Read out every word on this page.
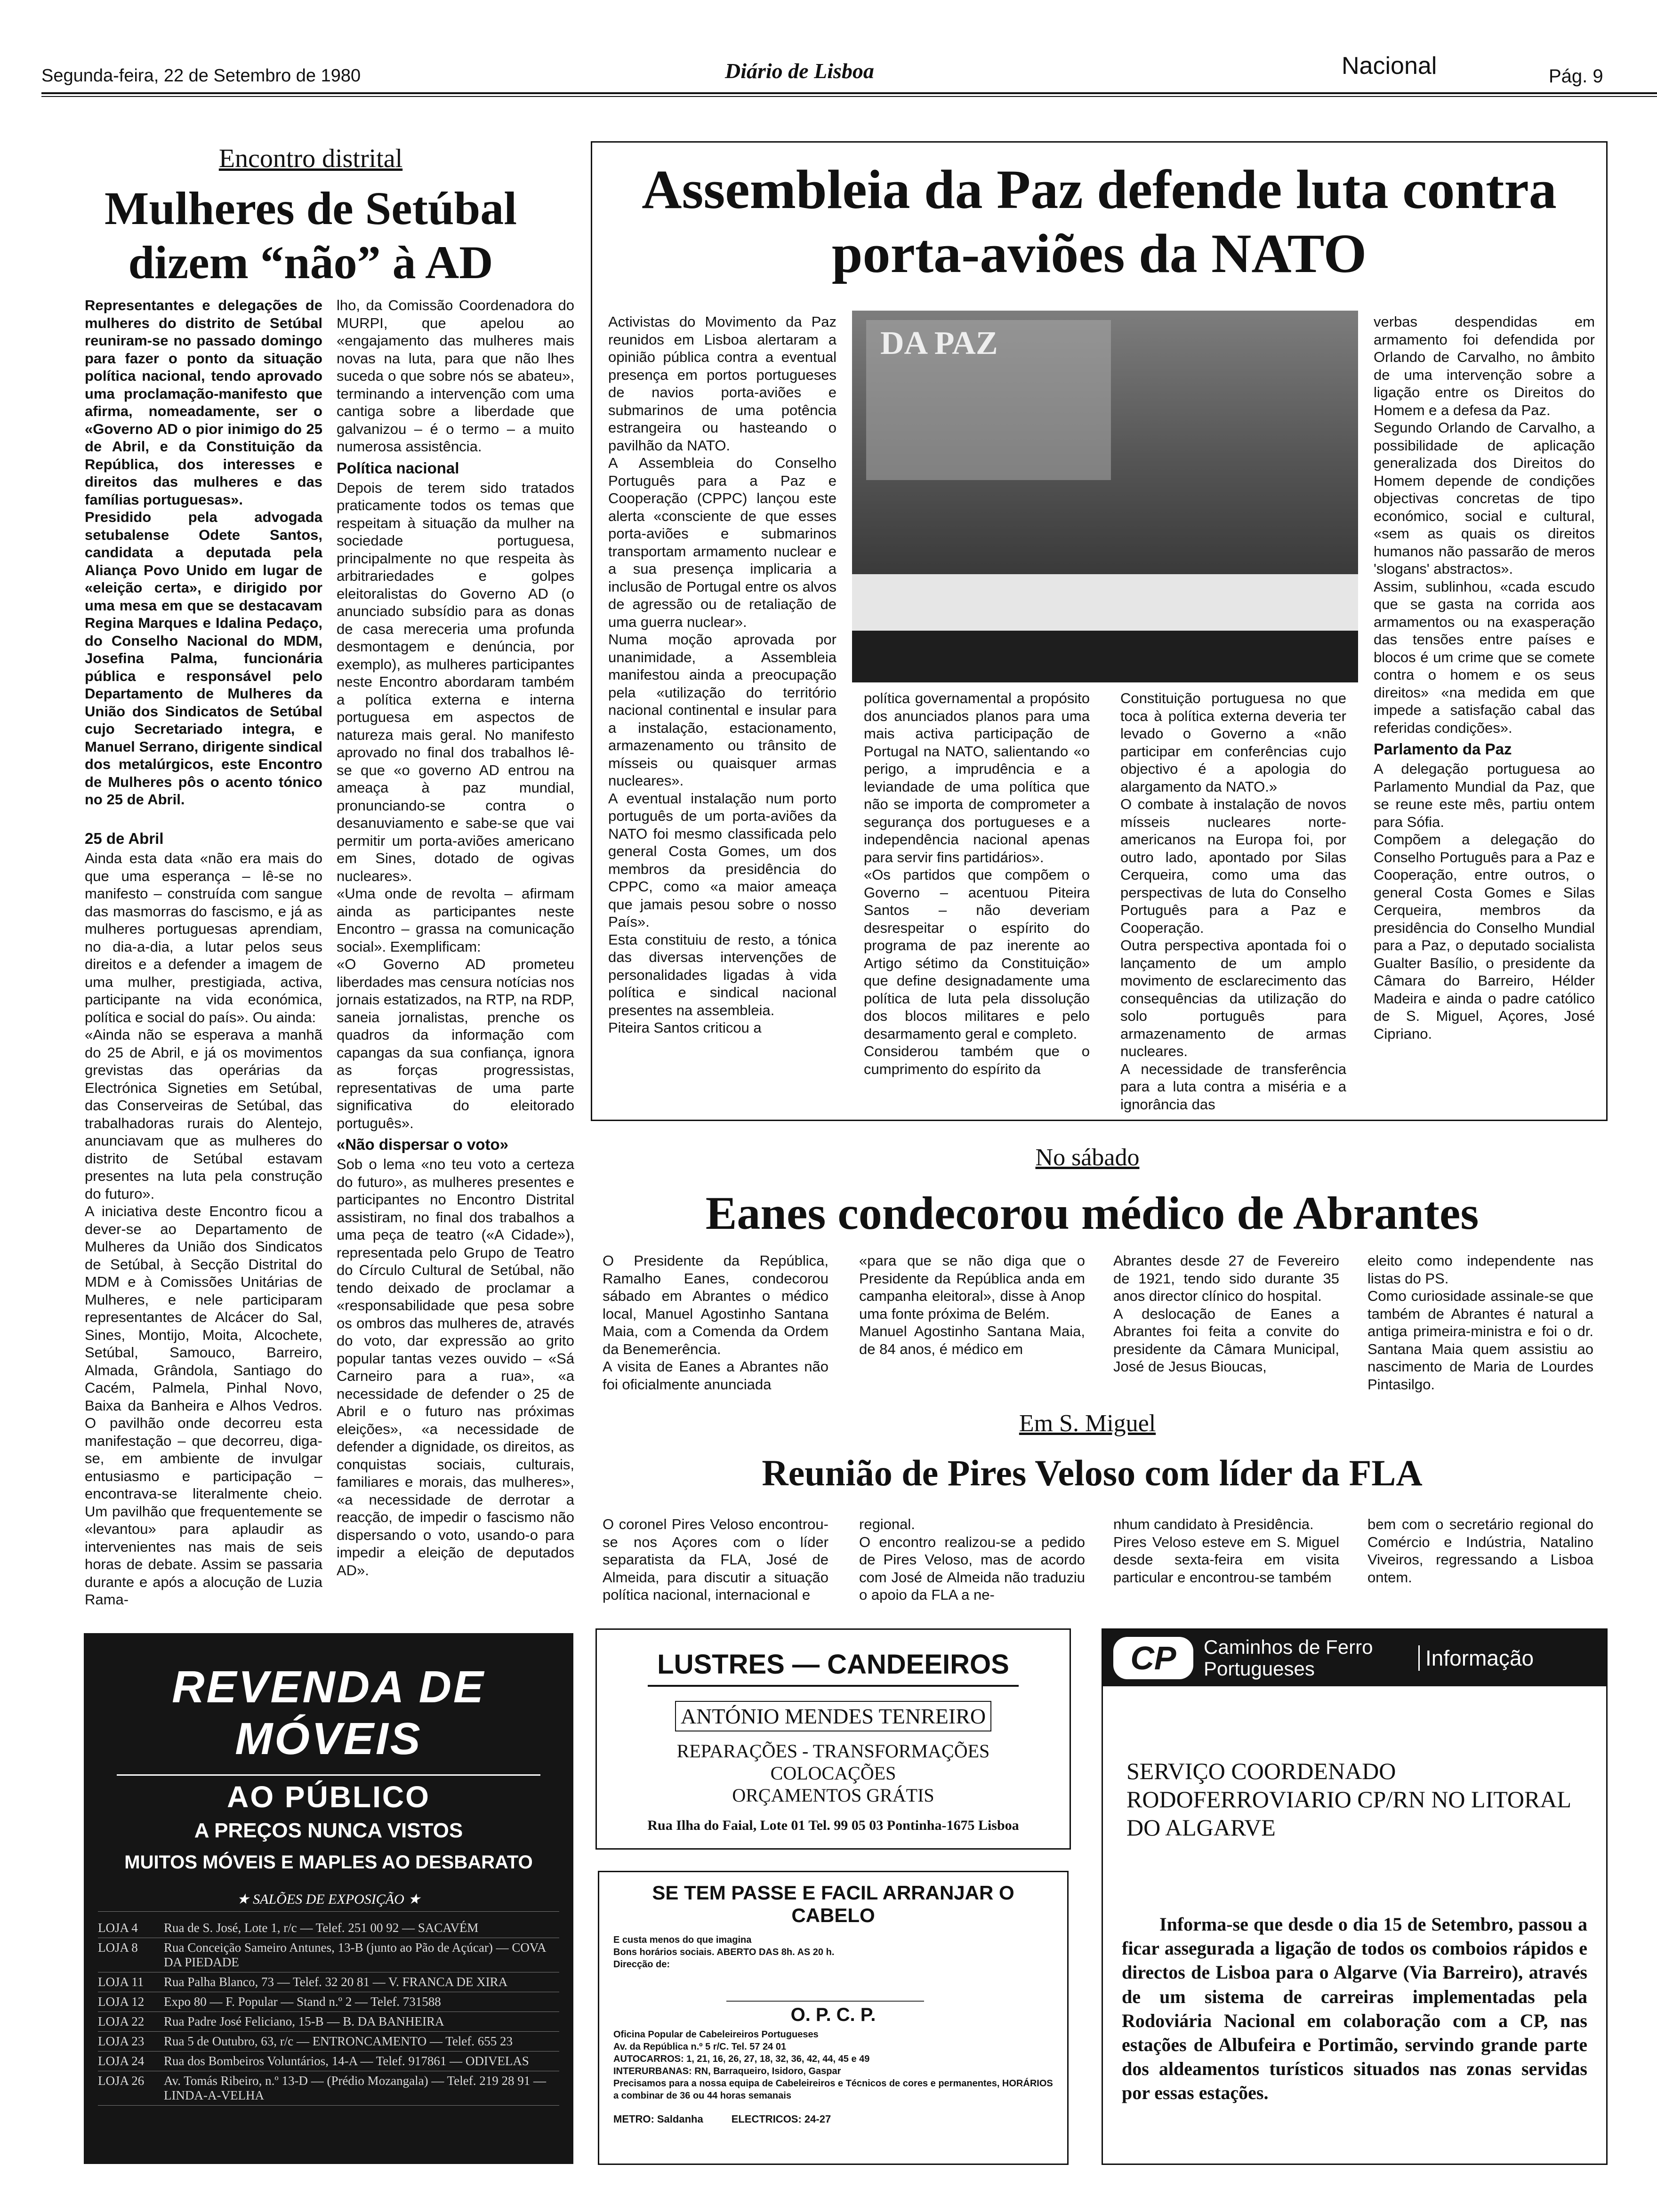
Segunda-feira, 22 de Setembro de 1980	Diário de Lisboa	Nacional	Pág. 9
Encontro distrital
Mulheres de Setúbal dizem “não” à AD
Representantes e delegações de mulheres do distrito de Setúbal reuniram-se no passado domingo para fazer o ponto da situação política nacional, tendo aprovado uma proclamação-manifesto que afirma, nomeadamente, ser o «Governo AD o pior inimigo do 25 de Abril, e da Constituição da República, dos interesses e direitos das mulheres e das famílias portuguesas».
Presidido pela advogada setubalense Odete Santos, candidata a deputada pela Aliança Povo Unido em lugar de «eleição certa», e dirigido por uma mesa em que se destacavam Regina Marques e Idalina Pedaço, do Conselho Nacional do MDM, Josefina Palma, funcionária pública e responsável pelo Departamento de Mulheres da União dos Sindicatos de Setúbal cujo Secretariado integra, e Manuel Serrano, dirigente sindical dos metalúrgicos, este Encontro de Mulheres pôs o acento tónico no 25 de Abril.
25 de Abril
Ainda esta data «não era mais do que uma esperança – lê-se no manifesto – construída com sangue das masmorras do fascismo, e já as mulheres portuguesas aprendiam, no dia-a-dia, a lutar pelos seus direitos e a defender a imagem de uma mulher, prestigiada, activa, participante na vida económica, política e social do país». Ou ainda:
«Ainda não se esperava a manhã do 25 de Abril, e já os movimentos grevistas das operárias da Electrónica Signeties em Setúbal, das Conserveiras de Setúbal, das trabalhadoras rurais do Alentejo, anunciavam que as mulheres do distrito de Setúbal estavam presentes na luta pela construção do futuro».
A iniciativa deste Encontro ficou a dever-se ao Departamento de Mulheres da União dos Sindicatos de Setúbal, à Secção Distrital do MDM e à Comissões Unitárias de Mulheres, e nele participaram representantes de Alcácer do Sal, Sines, Montijo, Moita, Alcochete, Setúbal, Samouco, Barreiro, Almada, Grândola, Santiago do Cacém, Palmela, Pinhal Novo, Baixa da Banheira e Alhos Vedros. O pavilhão onde decorreu esta manifestação – que decorreu, diga-se, em ambiente de invulgar entusiasmo e participação – encontrava-se literalmente cheio. Um pavilhão que frequentemente se «levantou» para aplaudir as intervenientes nas mais de seis horas de debate. Assim se passaria durante e após a alocução de Luzia Rama-
lho, da Comissão Coordenadora do MURPI, que apelou ao «engajamento das mulheres mais novas na luta, para que não lhes suceda o que sobre nós se abateu», terminando a intervenção com uma cantiga sobre a liberdade que galvanizou – é o termo – a muito numerosa assistência.
Política nacional
Depois de terem sido tratados praticamente todos os temas que respeitam à situação da mulher na sociedade portuguesa, principalmente no que respeita às arbitrariedades e golpes eleitoralistas do Governo AD (o anunciado subsídio para as donas de casa mereceria uma profunda desmontagem e denúncia, por exemplo), as mulheres participantes neste Encontro abordaram também a política externa e interna portuguesa em aspectos de natureza mais geral. No manifesto aprovado no final dos trabalhos lê-se que «o governo AD entrou na ameaça à paz mundial, pronunciando-se contra o desanuviamento e sabe-se que vai permitir um porta-aviões americano em Sines, dotado de ogivas nucleares».
«Uma onde de revolta – afirmam ainda as participantes neste Encontro – grassa na comunicação social». Exemplificam:
«O Governo AD prometeu liberdades mas censura notícias nos jornais estatizados, na RTP, na RDP, saneia jornalistas, prenche os quadros da informação com capangas da sua confiança, ignora as forças progressistas, representativas de uma parte significativa do eleitorado português».
«Não dispersar o voto»
Sob o lema «no teu voto a certeza do futuro», as mulheres presentes e participantes no Encontro Distrital assistiram, no final dos trabalhos a uma peça de teatro («A Cidade»), representada pelo Grupo de Teatro do Círculo Cultural de Setúbal, não tendo deixado de proclamar a «responsabilidade que pesa sobre os ombros das mulheres de, através do voto, dar expressão ao grito popular tantas vezes ouvido – «Sá Carneiro para a rua», «a necessidade de defender o 25 de Abril e o futuro nas próximas eleições», «a necessidade de defender a dignidade, os direitos, as conquistas sociais, culturais, familiares e morais, das mulheres», «a necessidade de derrotar a reacção, de impedir o fascismo não dispersando o voto, usando-o para impedir a eleição de deputados AD».
Assembleia da Paz defende luta contra porta-aviões da NATO
Activistas do Movimento da Paz reunidos em Lisboa alertaram a opinião pública contra a eventual presença em portos portugueses de navios porta-aviões e submarinos de uma potência estrangeira ou hasteando o pavilhão da NATO.
A Assembleia do Conselho Português para a Paz e Cooperação (CPPC) lançou este alerta «consciente de que esses porta-aviões e submarinos transportam armamento nuclear e a sua presença implicaria a inclusão de Portugal entre os alvos de agressão ou de retaliação de uma guerra nuclear».
Numa moção aprovada por unanimidade, a Assembleia manifestou ainda a preocupação pela «utilização do território nacional continental e insular para a instalação, estacionamento, armazenamento ou trânsito de mísseis ou quaisquer armas nucleares».
A eventual instalação num porto português de um porta-aviões da NATO foi mesmo classificada pelo general Costa Gomes, um dos membros da presidência do CPPC, como «a maior ameaça que jamais pesou sobre o nosso País».
Esta constituiu de resto, a tónica das diversas intervenções de personalidades ligadas à vida política e sindical nacional presentes na assembleia.
Piteira Santos criticou a
DA PAZ
política governamental a propósito dos anunciados planos para uma mais activa participação de Portugal na NATO, salientando «o perigo, a imprudência e a leviandade de uma política que não se importa de comprometer a segurança dos portugueses e a independência nacional apenas para servir fins partidários».
«Os partidos que compõem o Governo – acentuou Piteira Santos – não deveriam desrespeitar o espírito do programa de paz inerente ao Artigo sétimo da Constituição» que define designadamente uma política de luta pela dissolução dos blocos militares e pelo desarmamento geral e completo.
Considerou também que o cumprimento do espírito da
Constituição portuguesa no que toca à política externa deveria ter levado o Governo a «não participar em conferências cujo objectivo é a apologia do alargamento da NATO.»
O combate à instalação de novos mísseis nucleares norte-americanos na Europa foi, por outro lado, apontado por Silas Cerqueira, como uma das perspectivas de luta do Conselho Português para a Paz e Cooperação.
Outra perspectiva apontada foi o lançamento de um amplo movimento de esclarecimento das consequências da utilização do solo português para armazenamento de armas nucleares.
A necessidade de transferência para a luta contra a miséria e a ignorância das
verbas despendidas em armamento foi defendida por Orlando de Carvalho, no âmbito de uma intervenção sobre a ligação entre os Direitos do Homem e a defesa da Paz.
Segundo Orlando de Carvalho, a possibilidade de aplicação generalizada dos Direitos do Homem depende de condições objectivas concretas de tipo económico, social e cultural, «sem as quais os direitos humanos não passarão de meros 'slogans' abstractos».
Assim, sublinhou, «cada escudo que se gasta na corrida aos armamentos ou na exasperação das tensões entre países e blocos é um crime que se comete contra o homem e os seus direitos» «na medida em que impede a satisfação cabal das referidas condições».
Parlamento da Paz
A delegação portuguesa ao Parlamento Mundial da Paz, que se reune este mês, partiu ontem para Sófia.
Compõem a delegação do Conselho Português para a Paz e Cooperação, entre outros, o general Costa Gomes e Silas Cerqueira, membros da presidência do Conselho Mundial para a Paz, o deputado socialista Gualter Basílio, o presidente da Câmara do Barreiro, Hélder Madeira e ainda o padre católico de S. Miguel, Açores, José Cipriano.
No sábado
Eanes condecorou médico de Abrantes
O Presidente da República, Ramalho Eanes, condecorou sábado em Abrantes o médico local, Manuel Agostinho Santana Maia, com a Comenda da Ordem da Benemerência.
A visita de Eanes a Abrantes não foi oficialmente anunciada
«para que se não diga que o Presidente da República anda em campanha eleitoral», disse à Anop uma fonte próxima de Belém.
Manuel Agostinho Santana Maia, de 84 anos, é médico em
Abrantes desde 27 de Fevereiro de 1921, tendo sido durante 35 anos director clínico do hospital.
A deslocação de Eanes a Abrantes foi feita a convite do presidente da Câmara Municipal, José de Jesus Bioucas,
eleito como independente nas listas do PS.
Como curiosidade assinale-se que também de Abrantes é natural a antiga primeira-ministra e foi o dr. Santana Maia quem assistiu ao nascimento de Maria de Lourdes Pintasilgo.
Em S. Miguel
Reunião de Pires Veloso com líder da FLA
O coronel Pires Veloso encontrou-se nos Açores com o líder separatista da FLA, José de Almeida, para discutir a situação política nacional, internacional e
regional.
O encontro realizou-se a pedido de Pires Veloso, mas de acordo com José de Almeida não traduziu o apoio da FLA a ne-
nhum candidato à Presidência.
Pires Veloso esteve em S. Miguel desde sexta-feira em visita particular e encontrou-se também
bem com o secretário regional do Comércio e Indústria, Natalino Viveiros, regressando a Lisboa ontem.
REVENDA DE MÓVEIS
AO PÚBLICO
A PREÇOS NUNCA VISTOS
MUITOS MÓVEIS E MAPLES AO DESBARATO
★ SALÕES DE EXPOSIÇÃO ★
LOJA 4	Rua de S. José, Lote 1, r/c — Telef. 251 00 92 — SACAVÉM
LOJA 8	Rua Conceição Sameiro Antunes, 13-B (junto ao Pão de Açúcar) — COVA DA PIEDADE
LOJA 11	Rua Palha Blanco, 73 — Telef. 32 20 81 — V. FRANCA DE XIRA
LOJA 12	Expo 80 — F. Popular — Stand n.º 2 — Telef. 731588
LOJA 22	Rua Padre José Feliciano, 15-B — B. DA BANHEIRA
LOJA 23	Rua 5 de Outubro, 63, r/c — ENTRONCAMENTO — Telef. 655 23
LOJA 24	Rua dos Bombeiros Voluntários, 14-A — Telef. 917861 — ODIVELAS
LOJA 26	Av. Tomás Ribeiro, n.º 13-D — (Prédio Mozangala) — Telef. 219 28 91 — LINDA-A-VELHA
LUSTRES — CANDEEIROS ANTÓNIO MENDES TENREIRO
REPARAÇÕES - TRANSFORMAÇÕES
COLOCAÇÕES
ORÇAMENTOS GRÁTIS
Rua Ilha do Faial, Lote 01 Tel. 99 05 03 Pontinha-1675 Lisboa
SE TEM PASSE E FACIL ARRANJAR O CABELO
E custa menos do que imagina
Bons horários sociais. ABERTO DAS 8h. AS 20 h.
Direcção de:
O. P. C. P.
Oficina Popular de Cabeleireiros Portugueses
Av. da República n.º 5 r/C. Tel. 57 24 01
AUTOCARROS: 1, 21, 16, 26, 27, 18, 32, 36, 42, 44, 45 e 49
INTERURBANAS: RN, Barraqueiro, Isidoro, Gaspar
Precisamos para a nossa equipa de Cabeleireiros e Técnicos de cores e permanentes, HORÁRIOS a combinar de 36 ou 44 horas semanais
METRO: Saldanha	ELECTRICOS: 24-27
CP Caminhos de Ferro Portugueses	Informação
SERVIÇO COORDENADO RODOFERROVIARIO CP/RN NO LITORAL DO ALGARVE
Informa-se que desde o dia 15 de Setembro, passou a ficar assegurada a ligação de todos os comboios rápidos e directos de Lisboa para o Algarve (Via Barreiro), através de um sistema de carreiras implementadas pela Rodoviária Nacional em colaboração com a CP, nas estações de Albufeira e Portimão, servindo grande parte dos aldeamentos turísticos situados nas zonas servidas por essas estações.
